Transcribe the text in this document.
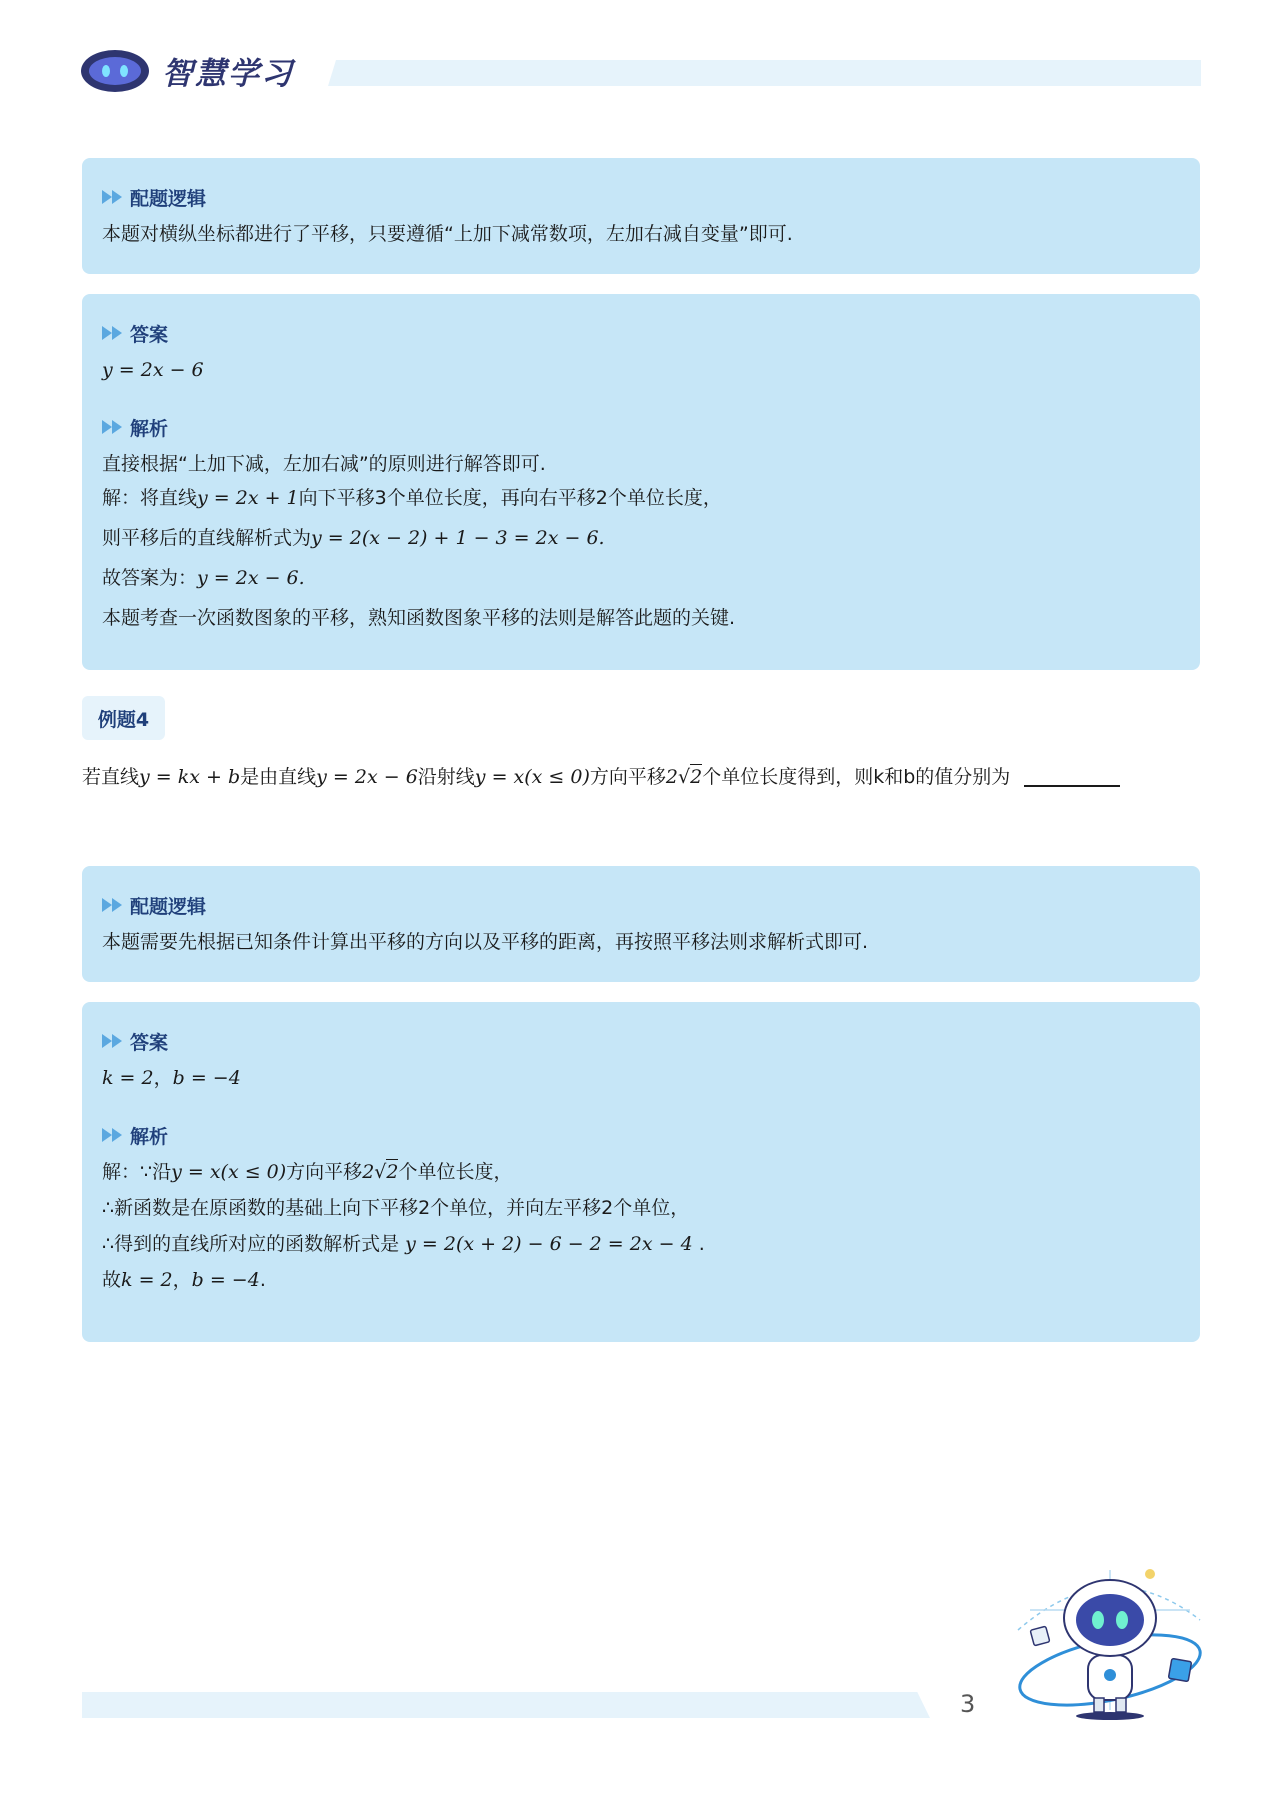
智慧学习
配题逻辑
本题对横纵坐标都进行了平移，只要遵循“上加下减常数项，左加右减自变量”即可.
答案
y = 2x − 6
解析
直接根据“上加下减，左加右减”的原则进行解答即可.
解：将直线y = 2x + 1向下平移3个单位长度，再向右平移2个单位长度，
则平移后的直线解析式为y = 2(x − 2) + 1 − 3 = 2x − 6.
故答案为：y = 2x − 6.
本题考查一次函数图象的平移，熟知函数图象平移的法则是解答此题的关键.
例题4
若直线y = kx + b是由直线y = 2x − 6沿射线y = x(x ≤ 0)方向平移2√2个单位长度得到，则k和b的值分别为
配题逻辑
本题需要先根据已知条件计算出平移的方向以及平移的距离，再按照平移法则求解析式即可.
答案
k = 2，b = −4
解析
解：∵沿y = x(x ≤ 0)方向平移2√2个单位长度，
∴新函数是在原函数的基础上向下平移2个单位，并向左平移2个单位，
∴得到的直线所对应的函数解析式是 y = 2(x + 2) − 6 − 2 = 2x − 4 .
故k = 2，b = −4.
3
